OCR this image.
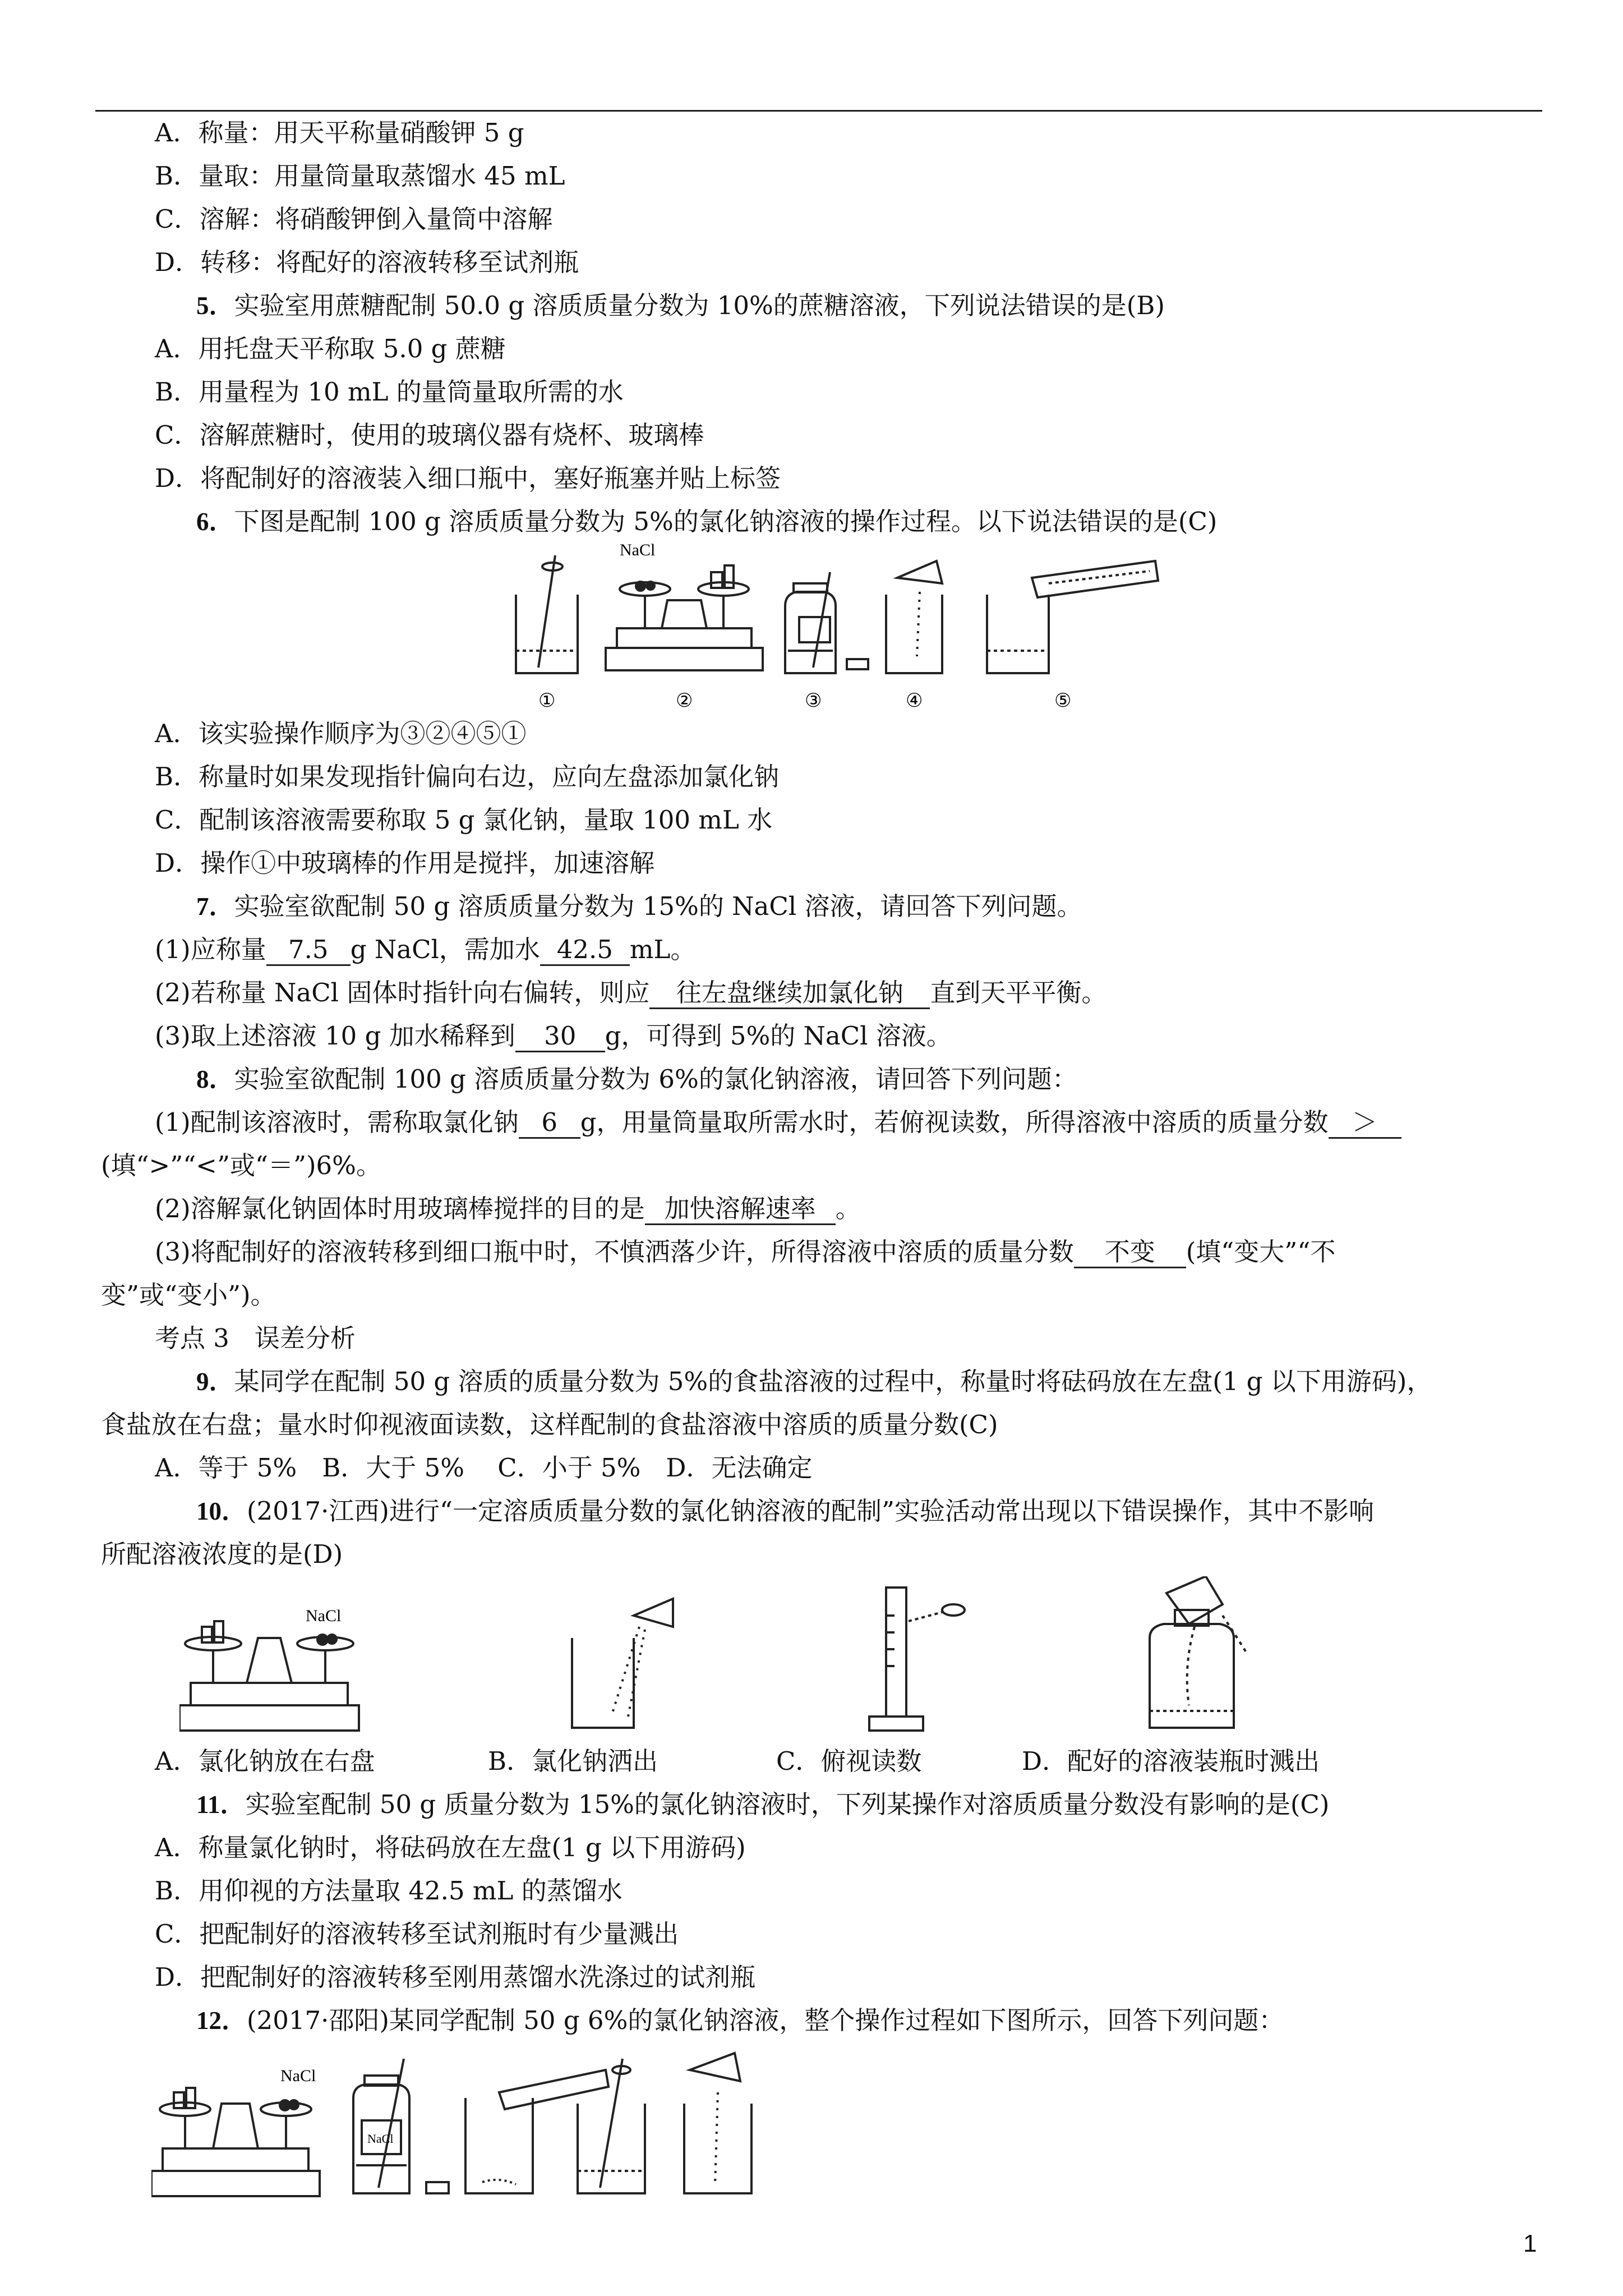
A．称量：用天平称量硝酸钾 5 g
B．量取：用量筒量取蒸馏水 45 mL
C．溶解：将硝酸钾倒入量筒中溶解
D．转移：将配好的溶液转移至试剂瓶
5．实验室用蔗糖配制 50.0 g 溶质质量分数为 10%的蔗糖溶液，下列说法错误的是(B)
A．用托盘天平称取 5.0 g 蔗糖
B．用量程为 10 mL 的量筒量取所需的水
C．溶解蔗糖时，使用的玻璃仪器有烧杯、玻璃棒
D．将配制好的溶液装入细口瓶中，塞好瓶塞并贴上标签
6．下图是配制 100 g 溶质质量分数为 5%的氯化钠溶液的操作过程。以下说法错误的是(C)
NaCl
①	②	③	④	⑤
A．该实验操作顺序为③②④⑤①
B．称量时如果发现指针偏向右边，应向左盘添加氯化钠
C．配制该溶液需要称取 5 g 氯化钠，量取 100 mL 水
D．操作①中玻璃棒的作用是搅拌，加速溶解
7．实验室欲配制 50 g 溶质质量分数为 15%的 NaCl 溶液，请回答下列问题。
(1)应称量 7.5 g NaCl，需加水 42.5 mL。
(2)若称量 NaCl 固体时指针向右偏转，则应 往左盘继续加氯化钠 直到天平平衡。
(3)取上述溶液 10 g 加水稀释到 30 g，可得到 5%的 NaCl 溶液。
8．实验室欲配制 100 g 溶质质量分数为 6%的氯化钠溶液，请回答下列问题：
(1)配制该溶液时，需称取氯化钠 6 g，用量筒量取所需水时，若俯视读数，所得溶液中溶质的质量分数 ＞
(填“>”“<”或“＝”)6%。
(2)溶解氯化钠固体时用玻璃棒搅拌的目的是 加快溶解速率 。
(3)将配制好的溶液转移到细口瓶中时，不慎洒落少许，所得溶液中溶质的质量分数 不变 (填“变大”“不
变”或“变小”)。
考点 3　误差分析
9．某同学在配制 50 g 溶质的质量分数为 5%的食盐溶液的过程中，称量时将砝码放在左盘(1 g 以下用游码)，
食盐放在右盘；量水时仰视液面读数，这样配制的食盐溶液中溶质的质量分数(C)
A．等于 5%　B．大于 5%　 C．小于 5%　D．无法确定
10．(2017·江西)进行“一定溶质质量分数的氯化钠溶液的配制”实验活动常出现以下错误操作，其中不影响
所配溶液浓度的是(D)
NaCl
A．氯化钠放在右盘	B．氯化钠洒出	C．俯视读数	D．配好的溶液装瓶时溅出
11．实验室配制 50 g 质量分数为 15%的氯化钠溶液时，下列某操作对溶质质量分数没有影响的是(C)
A．称量氯化钠时，将砝码放在左盘(1 g 以下用游码)
B．用仰视的方法量取 42.5 mL 的蒸馏水
C．把配制好的溶液转移至试剂瓶时有少量溅出
D．把配制好的溶液转移至刚用蒸馏水洗涤过的试剂瓶
12．(2017·邵阳)某同学配制 50 g 6%的氯化钠溶液，整个操作过程如下图所示，回答下列问题：
NaCl
NaCl
1
